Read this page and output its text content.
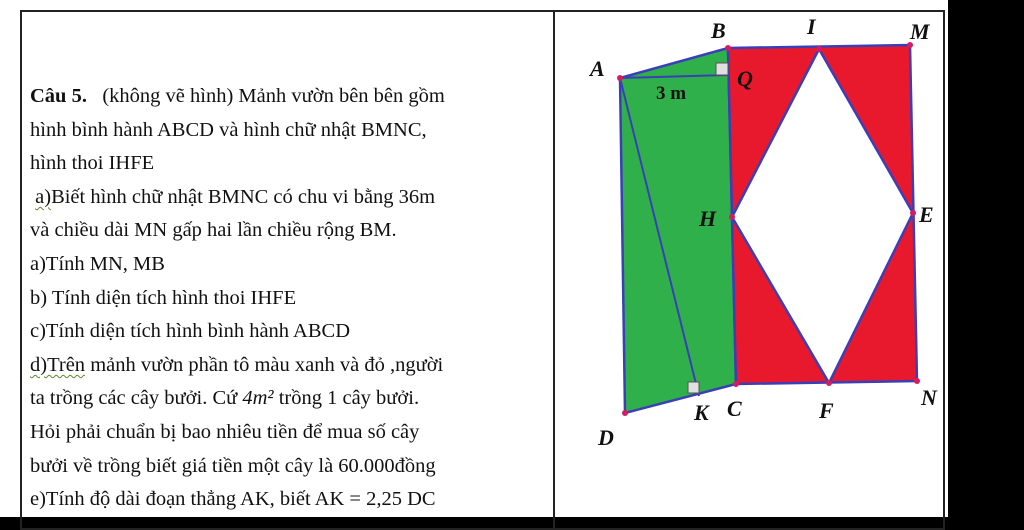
Câu 5. (không vẽ hình) Mảnh vườn bên bên gồm
hình bình hành ABCD và hình chữ nhật BMNC,
hình thoi IHFE
a)Biết hình chữ nhật BMNC có chu vi bằng 36m
và chiều dài MN gấp hai lần chiều rộng BM.
a)Tính MN, MB
b) Tính diện tích hình thoi IHFE
c)Tính diện tích hình bình hành ABCD
d)Trên mảnh vườn phần tô màu xanh và đỏ ,người
ta trồng các cây bưởi. Cứ 4m² trồng 1 cây bưởi.
Hỏi phải chuẩn bị bao nhiêu tiền để mua số cây
bưởi về trồng biết giá tiền một cây là 60.000đồng
e)Tính độ dài đoạn thẳng AK, biết AK = 2,25 DC
A
B	I	M
Q
H	E
D
K C	F
N
3 m
